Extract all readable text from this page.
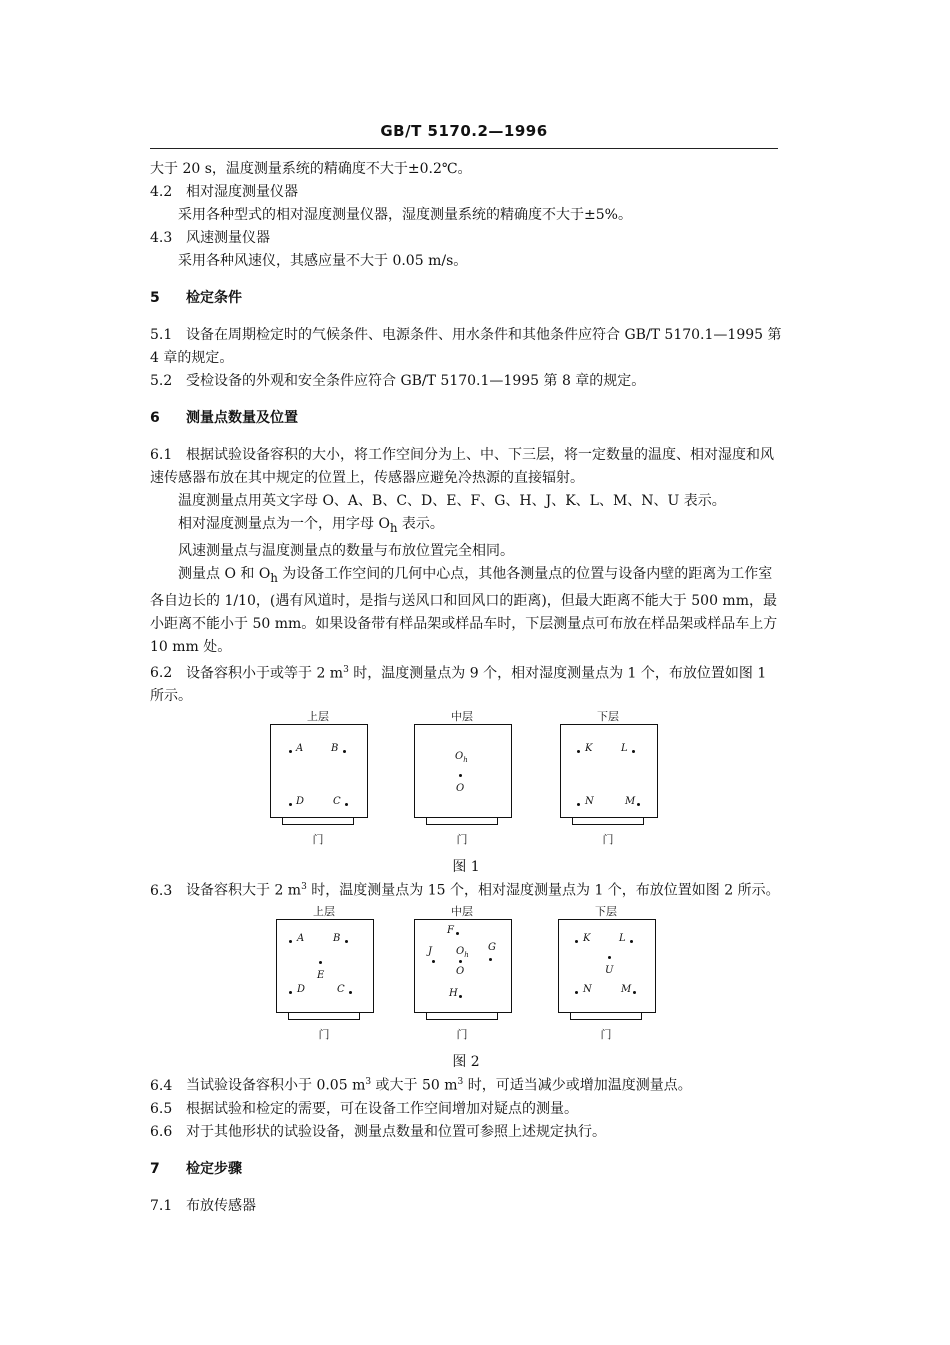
GB/T 5170.2—1996

大于 20 s，温度测量系统的精确度不大于±0.2℃。

4.2 相对湿度测量仪器

采用各种型式的相对湿度测量仪器，湿度测量系统的精确度不大于±5%。

4.3 风速测量仪器

采用各种风速仪，其感应量不大于 0.05 m/s。

5 检定条件

5.1 设备在周期检定时的气候条件、电源条件、用水条件和其他条件应符合 GB/T 5170.1—1995 第 4 章的规定。

5.2 受检设备的外观和安全条件应符合 GB/T 5170.1—1995 第 8 章的规定。

6 测量点数量及位置

6.1 根据试验设备容积的大小，将工作空间分为上、中、下三层，将一定数量的温度、相对湿度和风速传感器布放在其中规定的位置上，传感器应避免冷热源的直接辐射。

温度测量点用英文字母 O、A、B、C、D、E、F、G、H、J、K、L、M、N、U 表示。

相对湿度测量点为一个，用字母 $O_h$ 表示。

风速测量点与温度测量点的数量与布放位置完全相同。

测量点 O 和 $O_h$ 为设备工作空间的几何中心点，其他各测量点的位置与设备内壁的距离为工作室各自边长的 1/10，(遇有风道时，是指与送风口和回风口的距离)，但最大距离不能大于 500 mm，最小距离不能小于 50 mm。如果设备带有样品架或样品车时，下层测量点可布放在样品架或样品车上方10 mm 处。

6.2 设备容积小于或等于 2 $m^3$ 时，温度测量点为 9 个，相对湿度测量点为 1 个，布放位置如图 1 所示。

上层
A	B
D	C
门
中层
$O_h$
O
门
下层
K	L
N	M
门
图 1

6.3 设备容积大于 2 $m^3$ 时，温度测量点为 15 个，相对湿度测量点为 1 个，布放位置如图 2 所示。

上层
A	B
E
D	C
门
中层
F
J $O_h$
G
O
H
门
下层
K	L
U
N	M
门
图 2

6.4 当试验设备容积小于 0.05 $m^3$ 或大于 50 $m^3$ 时，可适当减少或增加温度测量点。

6.5 根据试验和检定的需要，可在设备工作空间增加对疑点的测量。

6.6 对于其他形状的试验设备，测量点数量和位置可参照上述规定执行。

7 检定步骤

7.1 布放传感器
